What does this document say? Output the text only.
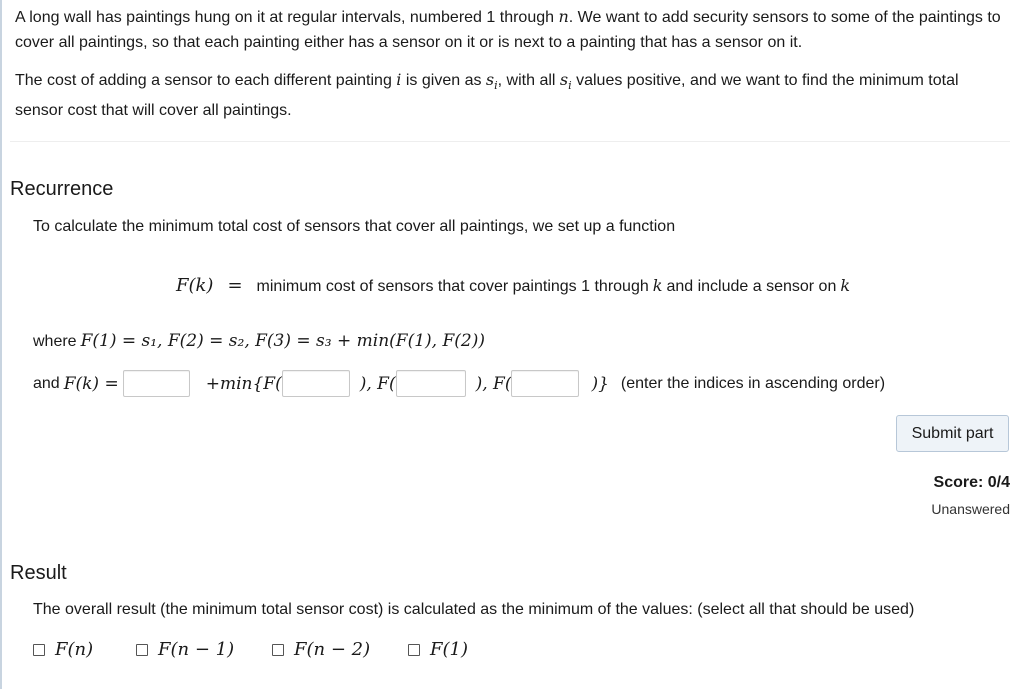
A long wall has paintings hung on it at regular intervals, numbered 1 through n. We want to add security sensors to some of the paintings to cover all paintings, so that each painting either has a sensor on it or is next to a painting that has a sensor on it.

The cost of adding a sensor to each different painting i is given as $s_i$, with all $s_i$ values positive, and we want to find the minimum total sensor cost that will cover all paintings.

Recurrence
To calculate the minimum total cost of sensors that cover all paintings, we set up a function
F(k) = minimum cost of sensors that cover paintings 1 through k and include a sensor on k
where F(1) = s₁, F(2) = s₂, F(3) = s₃ + min(F(1), F(2))
and F(k) =	+min{F(	), F(	), F(	)} (enter the indices in ascending order)
Submit part
Score: 0/4
Unanswered
Result
The overall result (the minimum total sensor cost) is calculated as the minimum of the values: (select all that should be used)
F(n)	F(n − 1)	F(n − 2)	F(1)
